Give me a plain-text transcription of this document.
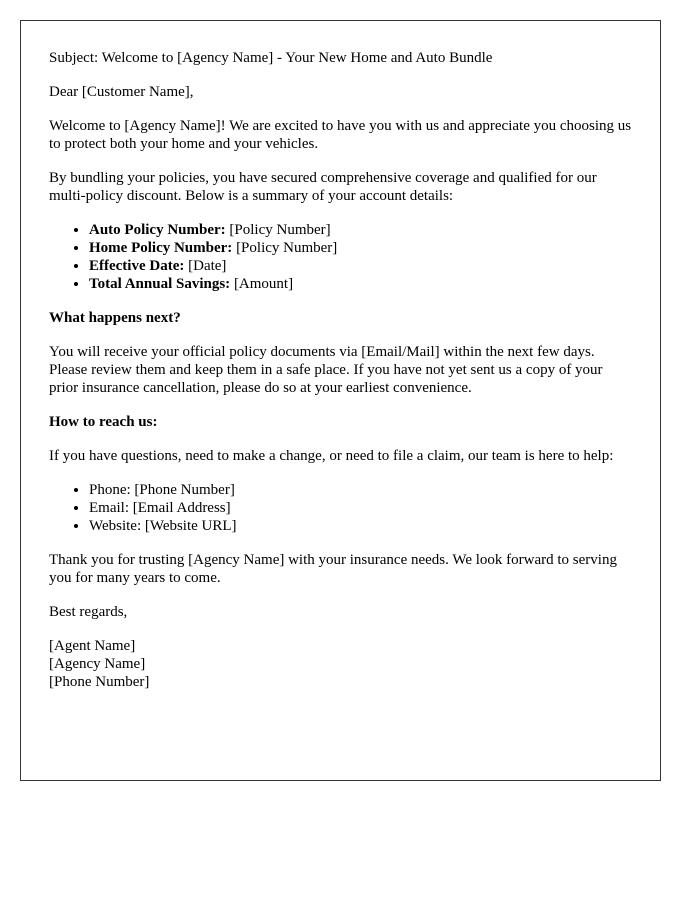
Subject: Welcome to [Agency Name] - Your New Home and Auto Bundle

Dear [Customer Name],

Welcome to [Agency Name]! We are excited to have you with us and appreciate you choosing us to protect both your home and your vehicles.

By bundling your policies, you have secured comprehensive coverage and qualified for our multi-policy discount. Below is a summary of your account details:

• Auto Policy Number: [Policy Number]
• Home Policy Number: [Policy Number]
• Effective Date: [Date]
• Total Annual Savings: [Amount]

What happens next?

You will receive your official policy documents via [Email/Mail] within the next few days. Please review them and keep them in a safe place. If you have not yet sent us a copy of your prior insurance cancellation, please do so at your earliest convenience.

How to reach us:

If you have questions, need to make a change, or need to file a claim, our team is here to help:

• Phone: [Phone Number]
• Email: [Email Address]
• Website: [Website URL]

Thank you for trusting [Agency Name] with your insurance needs. We look forward to serving you for many years to come.

Best regards,

[Agent Name]
[Agency Name]
[Phone Number]
